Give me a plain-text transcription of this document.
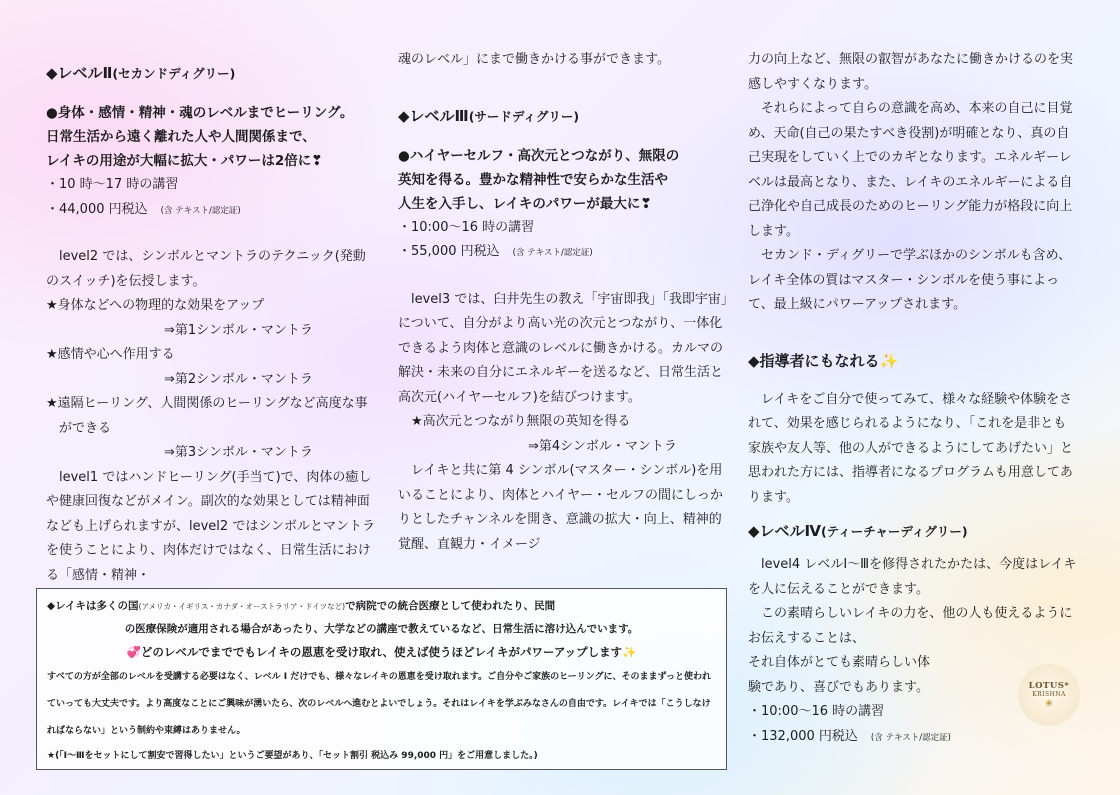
◆レベルⅡ(セカンドディグリー)

●身体・感情・精神・魂のレベルまでヒーリング。

日常生活から遠く離れた人や人間関係まで、

レイキの用途が大幅に拡大・パワーは2倍に❣

・10 時〜17 時の講習

・44,000 円税込　 (含 テキスト/認定証)

level2 では、シンボルとマントラのテクニック(発動のスイッチ)を伝授します。

★身体などへの物理的な効果をアップ

⇒第1シンボル・マントラ

★感情や心へ作用する

⇒第2シンボル・マントラ

★遠隔ヒーリング、人間関係のヒーリングなど高度な事ができる

⇒第3シンボル・マントラ

level1 ではハンドヒーリング(手当て)で、肉体の癒しや健康回復などがメイン。副次的な効果としては精神面なども上げられますが、level2 ではシンボルとマントラを使うことにより、肉体だけではなく、日常生活における「感情・精神・

魂のレベル」にまで働きかける事ができます。

◆レベルⅢ(サードディグリー)

●ハイヤーセルフ・高次元とつながり、無限の

英知を得る。豊かな精神性で安らかな生活や

人生を入手し、レイキのパワーが最大に❣

・10:00〜16 時の講習

・55,000 円税込　 (含 テキスト/認定証)

level3 では、臼井先生の教え「宇宙即我」「我即宇宙」について、自分がより高い光の次元とつながり、一体化できるよう肉体と意識のレベルに働きかける。カルマの解決・未来の自分にエネルギーを送るなど、日常生活と高次元(ハイヤーセルフ)を結びつけます。

★高次元とつながり無限の英知を得る

⇒第4シンボル・マントラ

レイキと共に第 4 シンボル(マスター・シンボル)を用いることにより、肉体とハイヤー・セルフの間にしっかりとしたチャンネルを開き、意識の拡大・向上、精神的覚醒、直観力・イメージ

力の向上など、無限の叡智があなたに働きかけるのを実感しやすくなります。

それらによって自らの意識を高め、本来の自己に目覚め、天命(自己の果たすべき役割)が明確となり、真の自己実現をしていく上でのカギとなります。エネルギーレベルは最高となり、また、レイキのエネルギーによる自己浄化や自己成長のためのヒーリング能力が格段に向上します。

セカンド・ディグリーで学ぶほかのシンボルも含め、レイキ全体の質はマスター・シンボルを使う事によって、最上級にパワーアップされます。

◆指導者にもなれる✨

レイキをご自分で使ってみて、様々な経験や体験をされて、効果を感じられるようになり、「これを是非とも家族や友人等、他の人ができるようにしてあげたい」と思われた方には、指導者になるプログラムも用意してあります。

◆レベルⅣ(ティーチャーディグリー)

level4 レベルⅠ〜Ⅲを修得されたかたは、今度はレイキを人に伝えることができます。

この素晴らしいレイキの力を、他の人も使えるようにお伝えすることは、

それ自体がとても素晴らしい体

験であり、喜びでもあります。

・10:00〜16 時の講習

・132,000 円税込　 (含 テキスト/認定証)

◆レイキは多くの国(アメリカ・イギリス・カナダ・オーストラリア・ドイツなど)で病院での統合医療として使われたり、民間

の医療保険が適用される場合があったり、大学などの講座で教えているなど、日常生活に溶け込んでいます。

💞どのレベルでまででもレイキの恩恵を受け取れ、使えば使うほどレイキがパワーアップします✨

すべての方が全部のレベルを受講する必要はなく、レベル I だけでも、様々なレイキの恩恵を受け取れます。ご自分やご家族のヒーリングに、そのままずっと使われていっても大丈夫です。より高度なことにご興味が湧いたら、次のレベルへ進むとよいでしょう。それはレイキを学ぶみなさんの自由です。レイキでは「こうしなければならない」という制約や束縛はありません。

★(「Ⅰ〜Ⅲをセットにして割安で習得したい」というご要望があり、「セット割引 税込み 99,000 円」をご用意しました。)

LOTUS*
KRISHNA
❀
